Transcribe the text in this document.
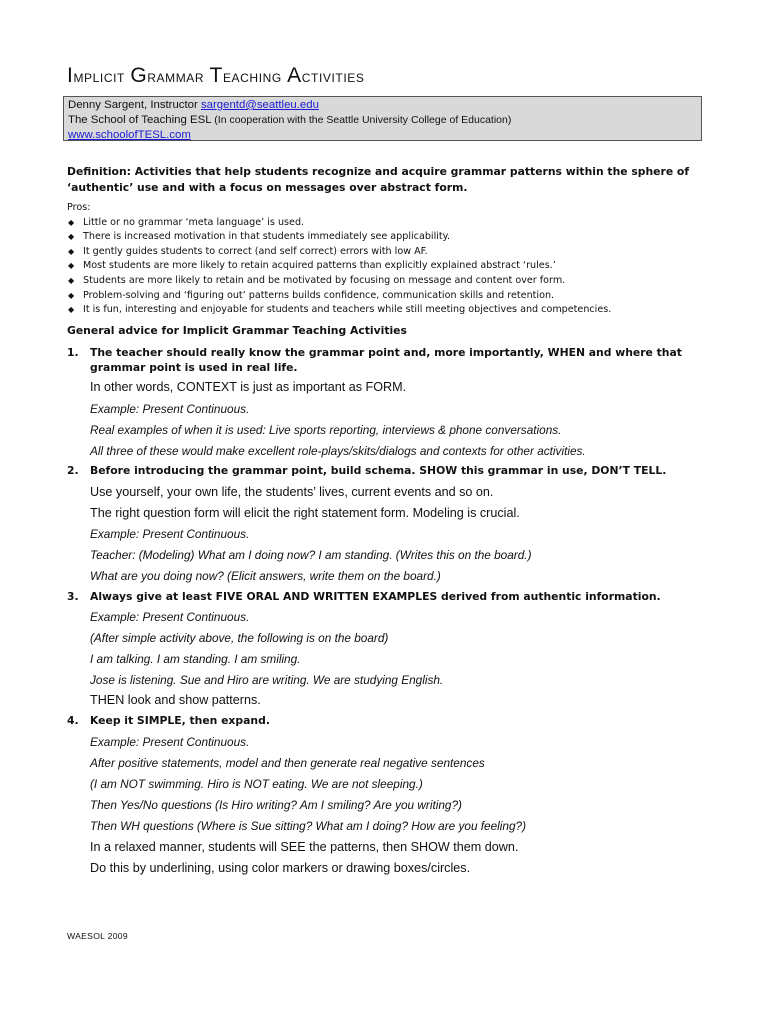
Implicit Grammar Teaching Activities
Denny Sargent, Instructor sargentd@seattleu.edu
The School of Teaching ESL (In cooperation with the Seattle University College of Education)
www.schoolofTESL.com
Definition: Activities that help students recognize and acquire grammar patterns within the sphere of ‘authentic’ use and with a focus on messages over abstract form.
Pros:
◆ Little or no grammar ‘meta language’ is used.
◆ There is increased motivation in that students immediately see applicability.
◆ It gently guides students to correct (and self correct) errors with low AF.
◆ Most students are more likely to retain acquired patterns than explicitly explained abstract ‘rules.’
◆ Students are more likely to retain and be motivated by focusing on message and content over form.
◆ Problem-solving and ‘figuring out’ patterns builds confidence, communication skills and retention.
◆ It is fun, interesting and enjoyable for students and teachers while still meeting objectives and competencies.
General advice for Implicit Grammar Teaching Activities
1. The teacher should really know the grammar point and, more importantly, WHEN and where that grammar point is used in real life.
In other words, CONTEXT is just as important as FORM.
Example: Present Continuous.
Real examples of when it is used: Live sports reporting, interviews & phone conversations.
All three of these would make excellent role-plays/skits/dialogs and contexts for other activities.
2. Before introducing the grammar point, build schema. SHOW this grammar in use, DON’T TELL.
Use yourself, your own life, the students’ lives, current events and so on.
The right question form will elicit the right statement form. Modeling is crucial.
Example: Present Continuous.
Teacher: (Modeling) What am I doing now? I am standing. (Writes this on the board.)
What are you doing now? (Elicit answers, write them on the board.)
3. Always give at least FIVE ORAL AND WRITTEN EXAMPLES derived from authentic information.
Example: Present Continuous.
(After simple activity above, the following is on the board)
I am talking. I am standing. I am smiling.
Jose is listening. Sue and Hiro are writing. We are studying English.
THEN look and show patterns.
4. Keep it SIMPLE, then expand.
Example: Present Continuous.
After positive statements, model and then generate real negative sentences
(I am NOT swimming. Hiro is NOT eating. We are not sleeping.)
Then Yes/No questions (Is Hiro writing? Am I smiling? Are you writing?)
Then WH questions (Where is Sue sitting? What am I doing? How are you feeling?)
In a relaxed manner, students will SEE the patterns, then SHOW them down.
Do this by underlining, using color markers or drawing boxes/circles.
WAESOL 2009
